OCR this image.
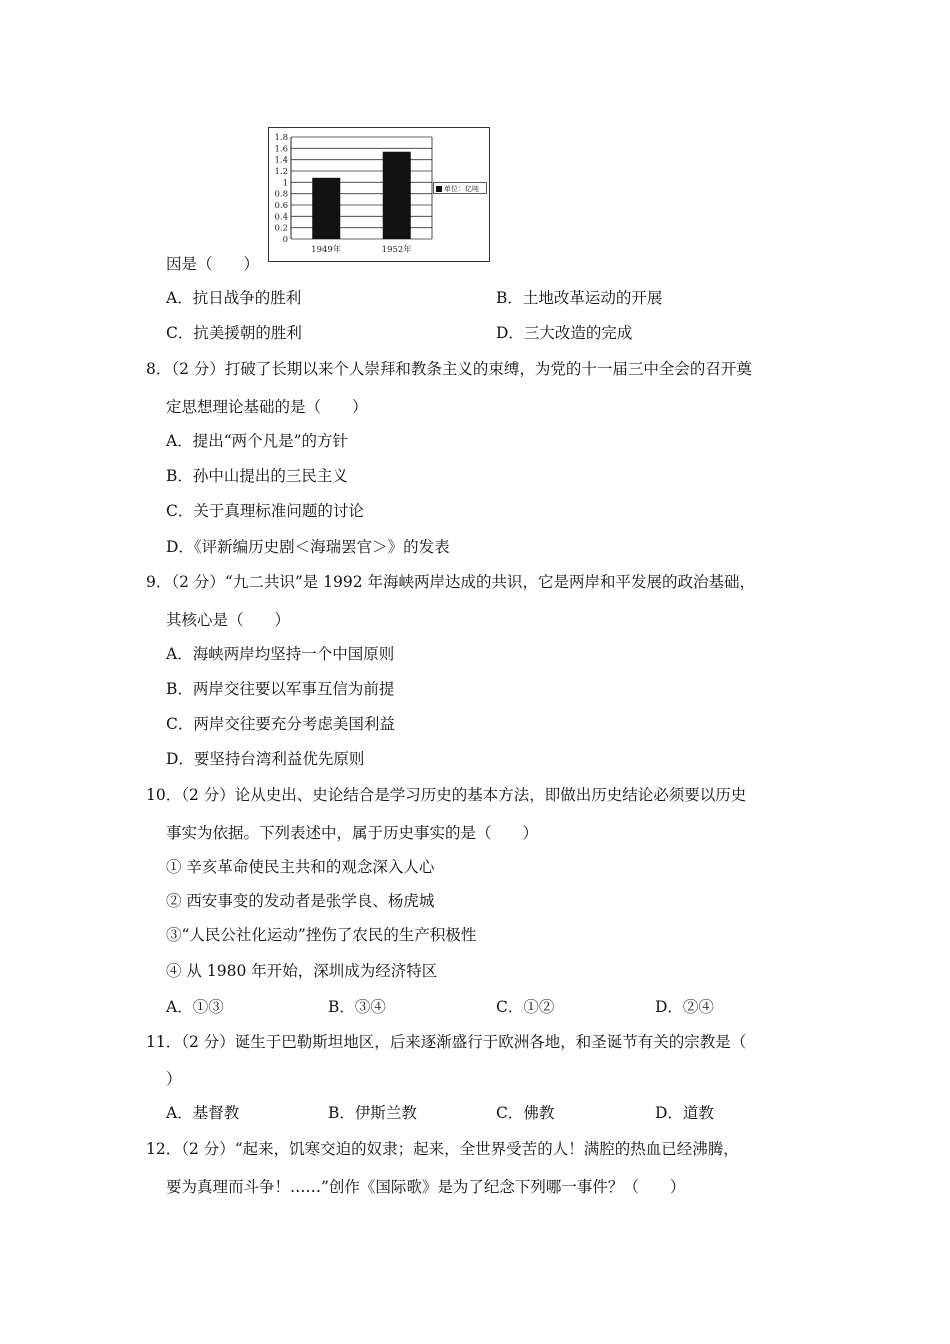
0
0.2
0.4
0.6
0.8
1
1.2
1.4
1.6
1.8
1949年	1952年
单位：亿吨
因是（　　）
A．抗日战争的胜利	B．土地改革运动的开展
C．抗美援朝的胜利	D．三大改造的完成
8．（2 分）打破了长期以来个人崇拜和教条主义的束缚，为党的十一届三中全会的召开奠
定思想理论基础的是（　　）
A．提出“两个凡是”的方针
B．孙中山提出的三民主义
C．关于真理标准问题的讨论
D．《评新编历史剧＜海瑞罢官＞》的发表
9．（2 分）“九二共识”是 1992 年海峡两岸达成的共识，它是两岸和平发展的政治基础，
其核心是（　　）
A．海峡两岸均坚持一个中国原则
B．两岸交往要以军事互信为前提
C．两岸交往要充分考虑美国利益
D．要坚持台湾利益优先原则
10．（2 分）论从史出、史论结合是学习历史的基本方法，即做出历史结论必须要以历史
事实为依据。下列表述中，属于历史事实的是（　　）
① 辛亥革命使民主共和的观念深入人心
② 西安事变的发动者是张学良、杨虎城
③“人民公社化运动”挫伤了农民的生产积极性
④ 从 1980 年开始，深圳成为经济特区
A．①③	B．③④	C．①②	D．②④
11．（2 分）诞生于巴勒斯坦地区，后来逐渐盛行于欧洲各地，和圣诞节有关的宗教是（
）
A．基督教	B．伊斯兰教	C．佛教	D．道教
12．（2 分）“起来，饥寒交迫的奴隶；起来，全世界受苦的人！满腔的热血已经沸腾，
要为真理而斗争！……”创作《国际歌》是为了纪念下列哪一事件？（　　）
